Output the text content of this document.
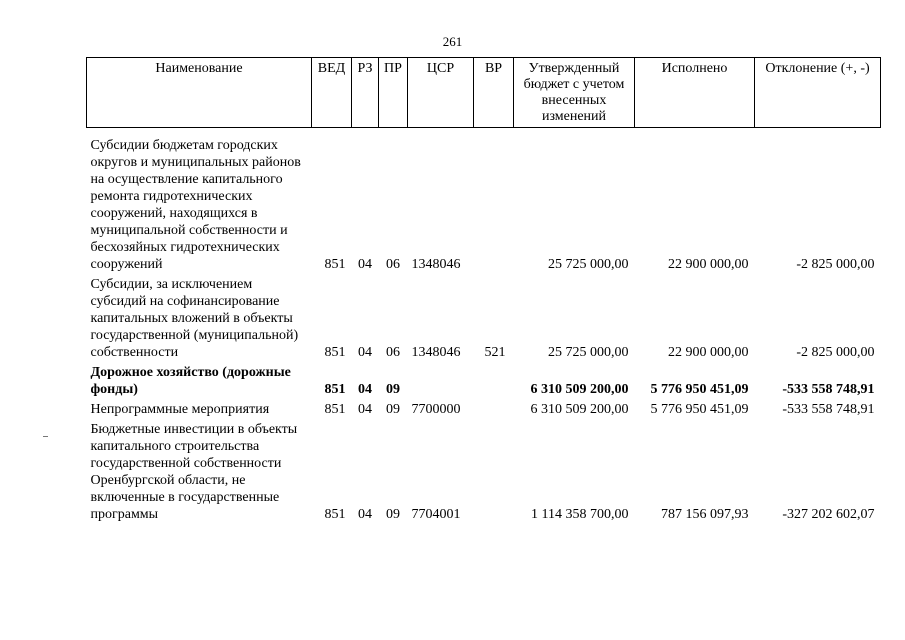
261
Наименование	ВЕД	РЗ	ПР	ЦСР	ВР	Утвержденный бюджет с учетом внесенных изменений	Исполнено	Отклонение (+, -)

Субсидии бюджетам городских округов и муниципальных районов на осуществление капитального ремонта гидротехнических сооружений, находящихся в муниципальной собственности и бесхозяйных гидротехнических сооружений	851	04	06	1348046		25 725 000,00	22 900 000,00	-2 825 000,00
Субсидии, за исключением субсидий на софинансирование капитальных вложений в объекты государственной (муниципальной) собственности	851	04	06	1348046	521	25 725 000,00	22 900 000,00	-2 825 000,00
Дорожное хозяйство (дорожные фонды)	851	04	09			6 310 509 200,00	5 776 950 451,09	-533 558 748,91
Непрограммные мероприятия	851	04	09	7700000		6 310 509 200,00	5 776 950 451,09	-533 558 748,91
Бюджетные инвестиции в объекты капитального строительства государственной собственности Оренбургской области, не включенные в государственные программы	851	04	09	7704001		1 114 358 700,00	787 156 097,93	-327 202 602,07
